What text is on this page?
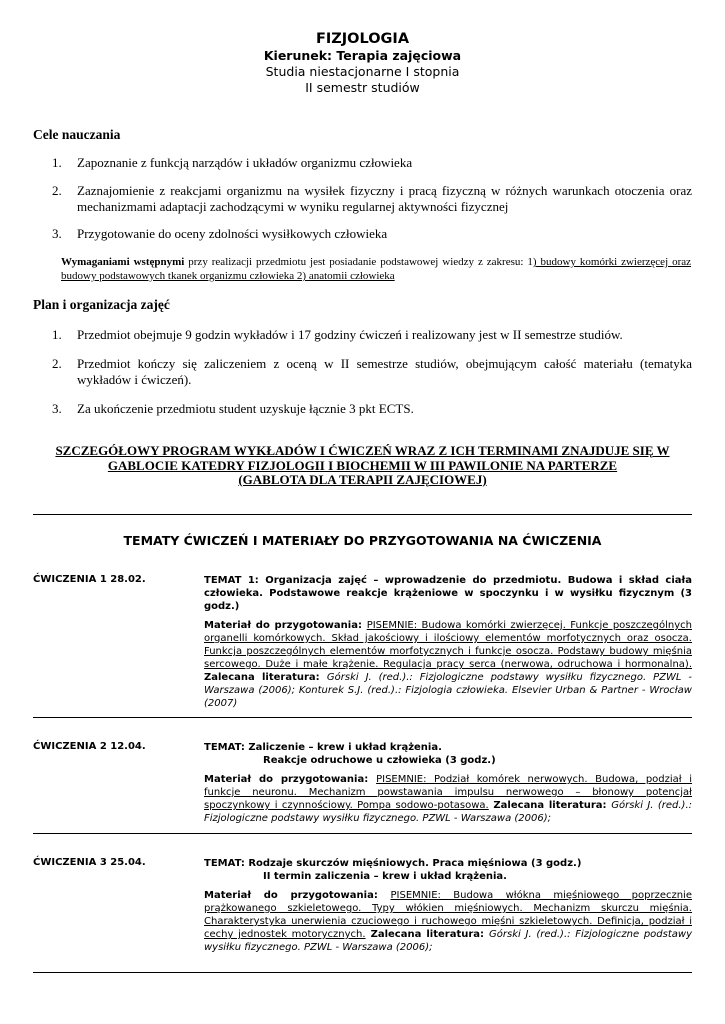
FIZJOLOGIA
Kierunek: Terapia zajęciowa
Studia niestacjonarne I stopnia
II semestr studiów
Cele nauczania
1. Zapoznanie z funkcją narządów i układów organizmu człowieka
2. Zaznajomienie z reakcjami organizmu na wysiłek fizyczny i pracą fizyczną w różnych warunkach otoczenia oraz mechanizmami adaptacji zachodzącymi w wyniku regularnej aktywności fizycznej
3. Przygotowanie do oceny zdolności wysiłkowych człowieka
Wymaganiami wstępnymi przy realizacji przedmiotu jest posiadanie podstawowej wiedzy z zakresu: 1) budowy komórki zwierzęcej oraz budowy podstawowych tkanek organizmu człowieka 2) anatomii człowieka
Plan i organizacja zajęć
1. Przedmiot obejmuje 9 godzin wykładów i 17 godziny ćwiczeń i realizowany jest w II semestrze studiów.
2. Przedmiot kończy się zaliczeniem z oceną w II semestrze studiów, obejmującym całość materiału (tematyka wykładów i ćwiczeń).
3. Za ukończenie przedmiotu student uzyskuje łącznie 3 pkt ECTS.
SZCZEGÓŁOWY PROGRAM WYKŁADÓW I ĆWICZEŃ WRAZ Z ICH TERMINAMI ZNAJDUJE SIĘ W
GABLOCIE KATEDRY FIZJOLOGII I BIOCHEMII W III PAWILONIE NA PARTERZE
(GABLOTA DLA TERAPII ZAJĘCIOWEJ)
TEMATY ĆWICZEŃ I MATERIAŁY DO PRZYGOTOWANIA NA ĆWICZENIA
ĆWICZENIA 1 28.02.	TEMAT 1: Organizacja zajęć – wprowadzenie do przedmiotu. Budowa i skład ciała człowieka. Podstawowe reakcje krążeniowe w spoczynku i w wysiłku fizycznym (3 godz.)
Materiał do przygotowania: PISEMNIE: Budowa komórki zwierzęcej. Funkcje poszczególnych organelli komórkowych. Skład jakościowy i ilościowy elementów morfotycznych oraz osocza. Funkcja poszczególnych elementów morfotycznych i funkcje osocza. Podstawy budowy mięśnia sercowego. Duże i małe krążenie. Regulacja pracy serca (nerwowa, odruchowa i hormonalna). Zalecana literatura: Górski J. (red.).: Fizjologiczne podstawy wysiłku fizycznego. PZWL - Warszawa (2006); Konturek S.J. (red.).: Fizjologia człowieka. Elsevier Urban & Partner - Wrocław (2007)
ĆWICZENIA 2 12.04.	TEMAT: Zaliczenie – krew i układ krążenia.
Reakcje odruchowe u człowieka (3 godz.)
Materiał do przygotowania: PISEMNIE: Podział komórek nerwowych. Budowa, podział i funkcje neuronu. Mechanizm powstawania impulsu nerwowego – błonowy potencjał spoczynkowy i czynnościowy. Pompa sodowo-potasowa. Zalecana literatura: Górski J. (red.).: Fizjologiczne podstawy wysiłku fizycznego. PZWL - Warszawa (2006);
ĆWICZENIA 3 25.04.	TEMAT: Rodzaje skurczów mięśniowych. Praca mięśniowa (3 godz.)
II termin zaliczenia – krew i układ krążenia.
Materiał do przygotowania: PISEMNIE: Budowa włókna mięśniowego poprzecznie prążkowanego szkieletowego. Typy włókien mięśniowych. Mechanizm skurczu mięśnia. Charakterystyka unerwienia czuciowego i ruchowego mięśni szkieletowych. Definicja, podział i cechy jednostek motorycznych. Zalecana literatura: Górski J. (red.).: Fizjologiczne podstawy wysiłku fizycznego. PZWL - Warszawa (2006);
